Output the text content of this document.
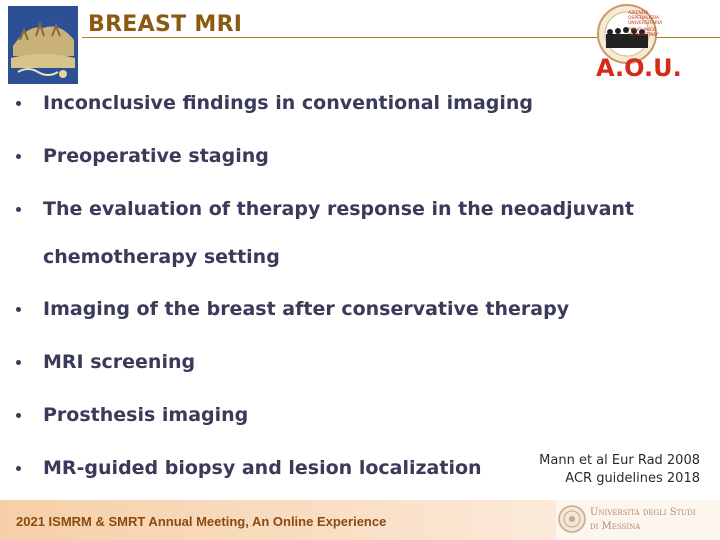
BREAST MRI	AZIENDA
OSPEDALIERA
UNIVERSITARIA
POLICLINICO
"G. MARTINO"
A.O.U.
Inconclusive findings in conventional imaging
Preoperative staging
The evaluation of therapy response in the neoadjuvant
chemotherapy setting
Imaging of the breast after conservative therapy
MRI screening
Prosthesis imaging
MR-guided biopsy and lesion localization	Mann et al Eur Rad 2008
ACR guidelines 2018
2021 ISMRM & SMRT Annual Meeting, An Online Experience
Università degli Studi
di Messina
